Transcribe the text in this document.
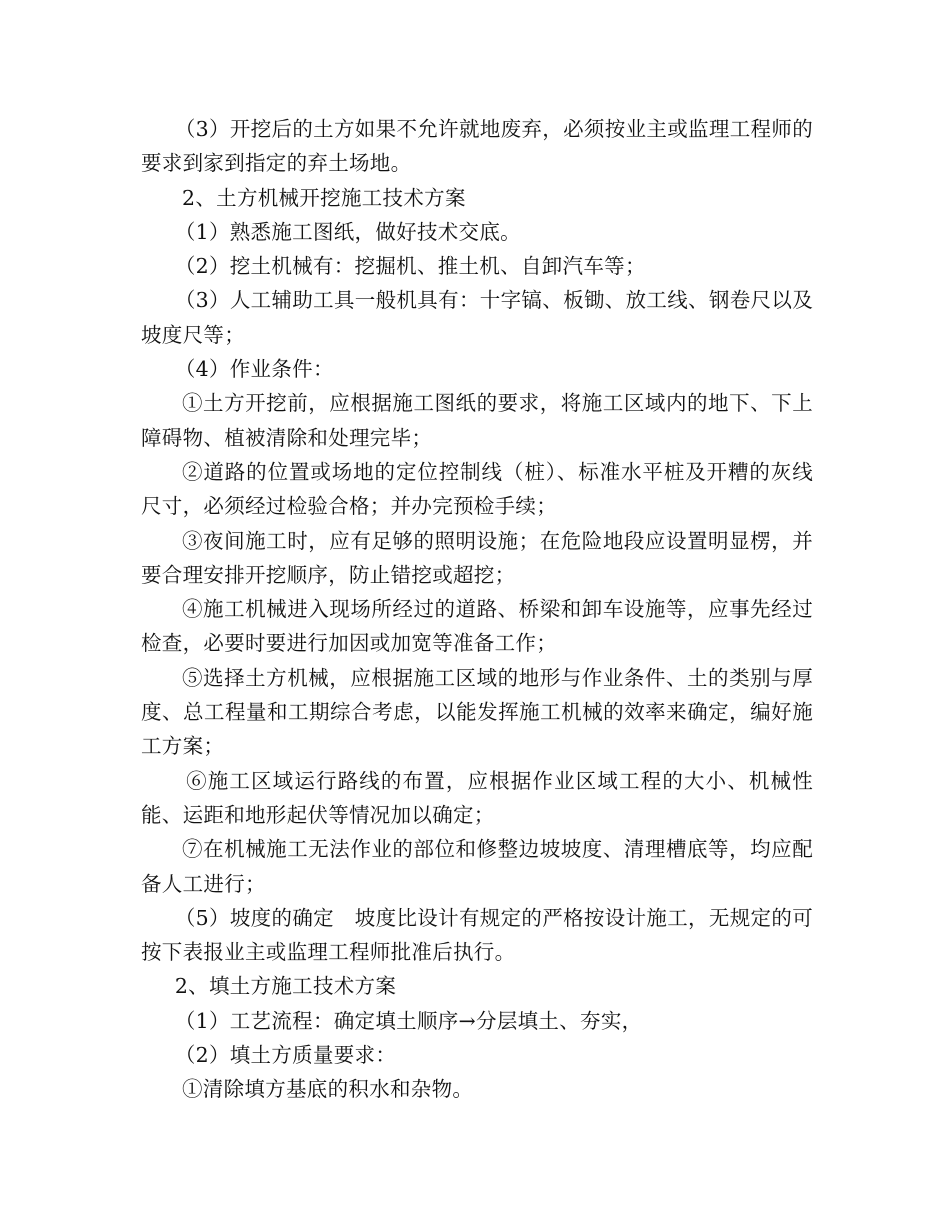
（3）开挖后的土方如果不允许就地废弃，必须按业主或监理工程师的要求到家到指定的弃土场地。

2、土方机械开挖施工技术方案

（1）熟悉施工图纸，做好技术交底。

（2）挖土机械有：挖掘机、推土机、自卸汽车等；

（3）人工辅助工具一般机具有：十字镐、板锄、放工线、钢卷尺以及坡度尺等；

（4）作业条件：

①土方开挖前，应根据施工图纸的要求，将施工区域内的地下、下上障碍物、植被清除和处理完毕；

②道路的位置或场地的定位控制线（桩）、标准水平桩及开糟的灰线尺寸，必须经过检验合格；并办完预检手续；

③夜间施工时，应有足够的照明设施；在危险地段应设置明显楞，并要合理安排开挖顺序，防止错挖或超挖；

④施工机械进入现场所经过的道路、桥梁和卸车设施等，应事先经过检查，必要时要进行加因或加宽等准备工作；

⑤选择土方机械，应根据施工区域的地形与作业条件、土的类别与厚度、总工程量和工期综合考虑，以能发挥施工机械的效率来确定，编好施工方案；

⑥施工区域运行路线的布置，应根据作业区域工程的大小、机械性能、运距和地形起伏等情况加以确定；

⑦在机械施工无法作业的部位和修整边坡坡度、清理槽底等，均应配备人工进行；

（5）坡度的确定　坡度比设计有规定的严格按设计施工，无规定的可按下表报业主或监理工程师批准后执行。

2、填土方施工技术方案

（1）工艺流程：确定填土顺序→分层填土、夯实，

（2）填土方质量要求：

①清除填方基底的积水和杂物。
